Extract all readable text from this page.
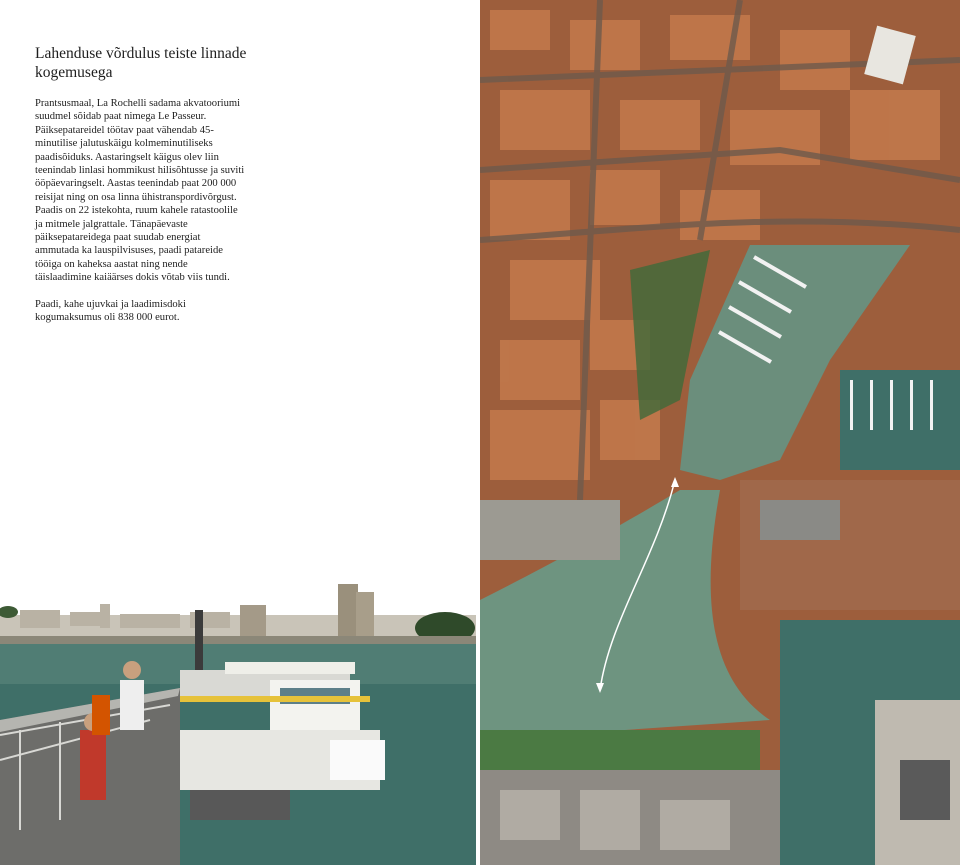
Lahenduse võrdulus teiste linnade kogemusega

Prantsusmaal, La Rochelli sadama akvatooriumi suudmel sõidab paat nimega Le Passeur. Päiksepatareidel töötav paat vähendab 45-minutilise jalutuskäigu kolmeminutiliseks paadisõiduks. Aastaringselt käigus olev liin teenindab linlasi hommikust hilisõhtusse ja suviti ööpäevaringselt. Aastas teenindab paat 200 000 reisijat ning on osa linna ühistranspordivõrgust. Paadis on 22 istekohta, ruum kahele ratastoolile ja mitmele jalgrattale. Tänapäevaste päiksepatareidega paat suudab energiat ammutada ka lauspilvisuses, paadi patareide tööiga on kaheksa aastat ning nende täislaadimine kaiäärses dokis võtab viis tundi.

Paadi, kahe ujuvkai ja laadimisdoki kogumaksumus oli 838 000 eurot.
